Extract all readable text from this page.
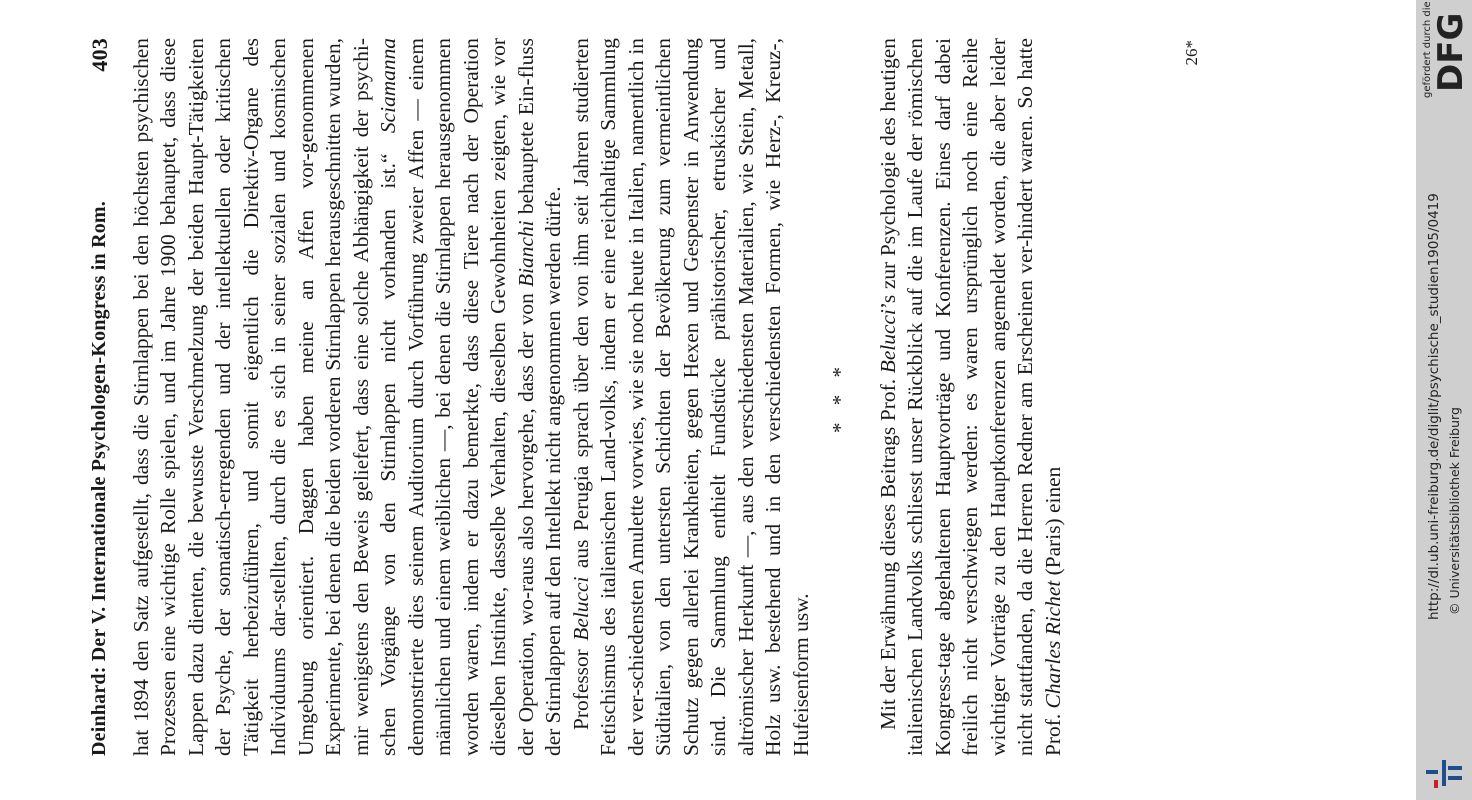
Deinhard: Der V. Internationale Psychologen-Kongress in Rom.
403 hat 1894 den Satz aufgestellt, dass die Stirnlappen bei den höchsten psychischen Prozessen eine wichtige Rolle spielen, und im Jahre 1900 behauptet, dass diese Lappen dazu dienten, die bewusste Verschmelzung der beiden Haupt-Tätigkeiten der Psyche, der somatisch-erregenden und der intellektuellen oder kritischen Tätigkeit herbeizuführen, und somit eigentlich die Direktiv-Organe des Individuums dar-stellten, durch die es sich in seiner sozialen und kosmischen Umgebung orientiert. Daggen haben meine an Affen vor-genommenen Experimente, bei denen die beiden vorderen Stirnlappen herausgeschnitten wurden, mir wenigstens den Beweis geliefert, dass eine solche Abhängigkeit der psychi-schen Vorgänge von den Stirnlappen nicht vorhanden ist.“ Sciamanna demonstrierte dies seinem Auditorium durch Vorführung zweier Affen — einem männlichen und einem weiblichen —, bei denen die Stirnlappen herausgenommen worden waren, indem er dazu bemerkte, dass diese Tiere nach der Operation dieselben Instinkte, dasselbe Verhalten, dieselben Gewohnheiten zeigten, wie vor der Operation, wo-raus also hervorgehe, dass der von Bianchi behauptete Ein-fluss der Stirnlappen auf den Intellekt nicht angenommen werden dürfe. Professor Belucci aus Perugia sprach über den von ihm seit Jahren studierten Fetischismus des italienischen Land-volks, indem er eine reichhaltige Sammlung der ver-schiedensten Amulette vorwies, wie sie noch heute in Italien, namentlich in Süditalien, von den untersten Schichten der Bevölkerung zum vermeintlichen Schutz gegen allerlei Krankheiten, gegen Hexen und Gespenster in Anwendung sind. Die Sammlung enthielt Fundstücke prähistorischer, etruskischer und altrömischer Herkunft —, aus den verschiedensten Materialien, wie Stein, Metall, Holz usw. bestehend und in den verschiedensten Formen, wie Herz-, Kreuz-, Hufeisenform usw.

* * * Mit der Erwähnung dieses Beitrags Prof. Belucci’s zur Psychologie des heutigen italienischen Landvolks schliesst unser Rückblick auf die im Laufe der römischen Kongress-tage abgehaltenen Hauptvorträge und Konferenzen. Eines darf dabei freilich nicht verschwiegen werden: es waren ursprünglich noch eine Reihe wichtiger Vorträge zu den Hauptkonferenzen angemeldet worden, die aber leider nicht stattfanden, da die Herren Redner am Erscheinen ver-hindert waren. So hatte Prof. Charles Richet (Paris) einen

26*	gefördert durch die
DFG
http://dl.ub.uni-freiburg.de/diglit/psychische_studien1905/0419 © Universitätsbibliothek Freiburg
